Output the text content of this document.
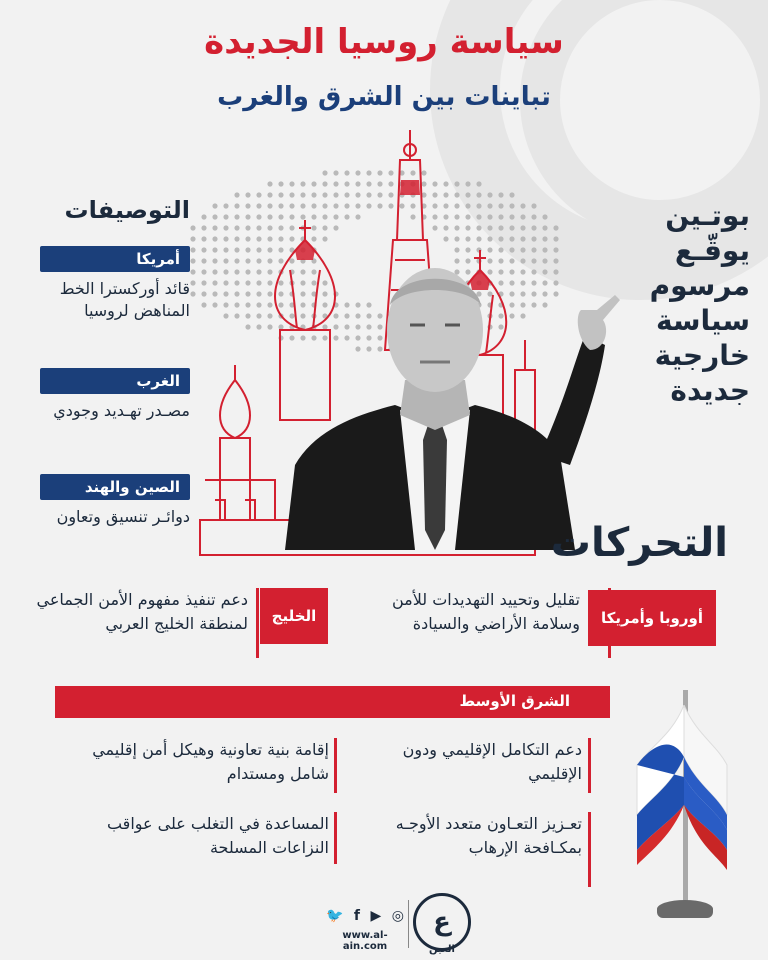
سياسة روسيا الجديدة
تباينات بين الشرق والغرب
التوصيفات
أمريكا
قائد أوركسترا الخط المناهض لروسيا
الغرب
مصـدر تهـديد وجودي
الصين والهند
دوائـر تنسيق وتعاون
بوتـين يوقّـع مرسوم سياسة خارجية جديدة
التحركات
أوروبا وأمريكا
تقليل وتحييد التهديدات للأمن وسلامة الأراضي والسيادة
الخليج
دعم تنفيذ مفهوم الأمن الجماعي لمنطقة الخليج العربي
الشرق الأوسط
دعم التكامل الإقليمي ودون الإقليمي
إقامة بنية تعاونية وهيكل أمن إقليمي شامل ومستدام
تعـزيز التعـاون متعدد الأوجـه بمكـافحة الإرهاب
المساعدة في التغلب على عواقب النزاعات المسلحة
ع
العين
🐦 f ▶ ◎
www.al-ain.com
